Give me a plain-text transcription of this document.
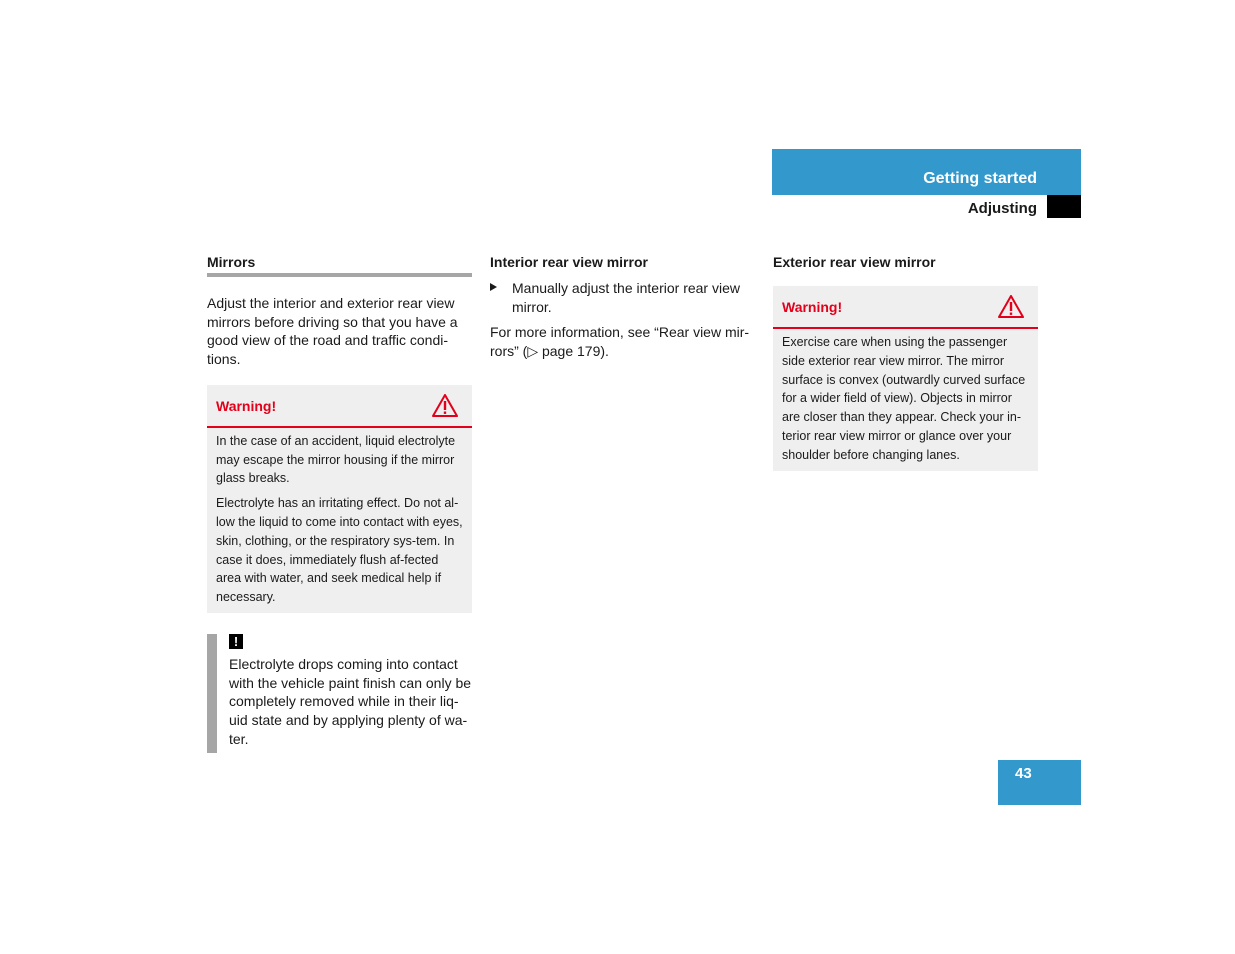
Getting started
Adjusting
Mirrors
Adjust the interior and exterior rear view mirrors before driving so that you have a good view of the road and traffic condi-tions.
Warning!

In the case of an accident, liquid electrolyte may escape the mirror housing if the mirror glass breaks.

Electrolyte has an irritating effect. Do not al-low the liquid to come into contact with eyes, skin, clothing, or the respiratory sys-tem. In case it does, immediately flush af-fected area with water, and seek medical help if necessary.

!
Electrolyte drops coming into contact with the vehicle paint finish can only be completely removed while in their liq-uid state and by applying plenty of wa-ter.
Interior rear view mirror
Manually adjust the interior rear view mirror.
For more information, see “Rear view mir-rors” (▷ page 179).
Exterior rear view mirror
Warning!

Exercise care when using the passenger side exterior rear view mirror. The mirror surface is convex (outwardly curved surface for a wider field of view). Objects in mirror are closer than they appear. Check your in-terior rear view mirror or glance over your shoulder before changing lanes.

43
